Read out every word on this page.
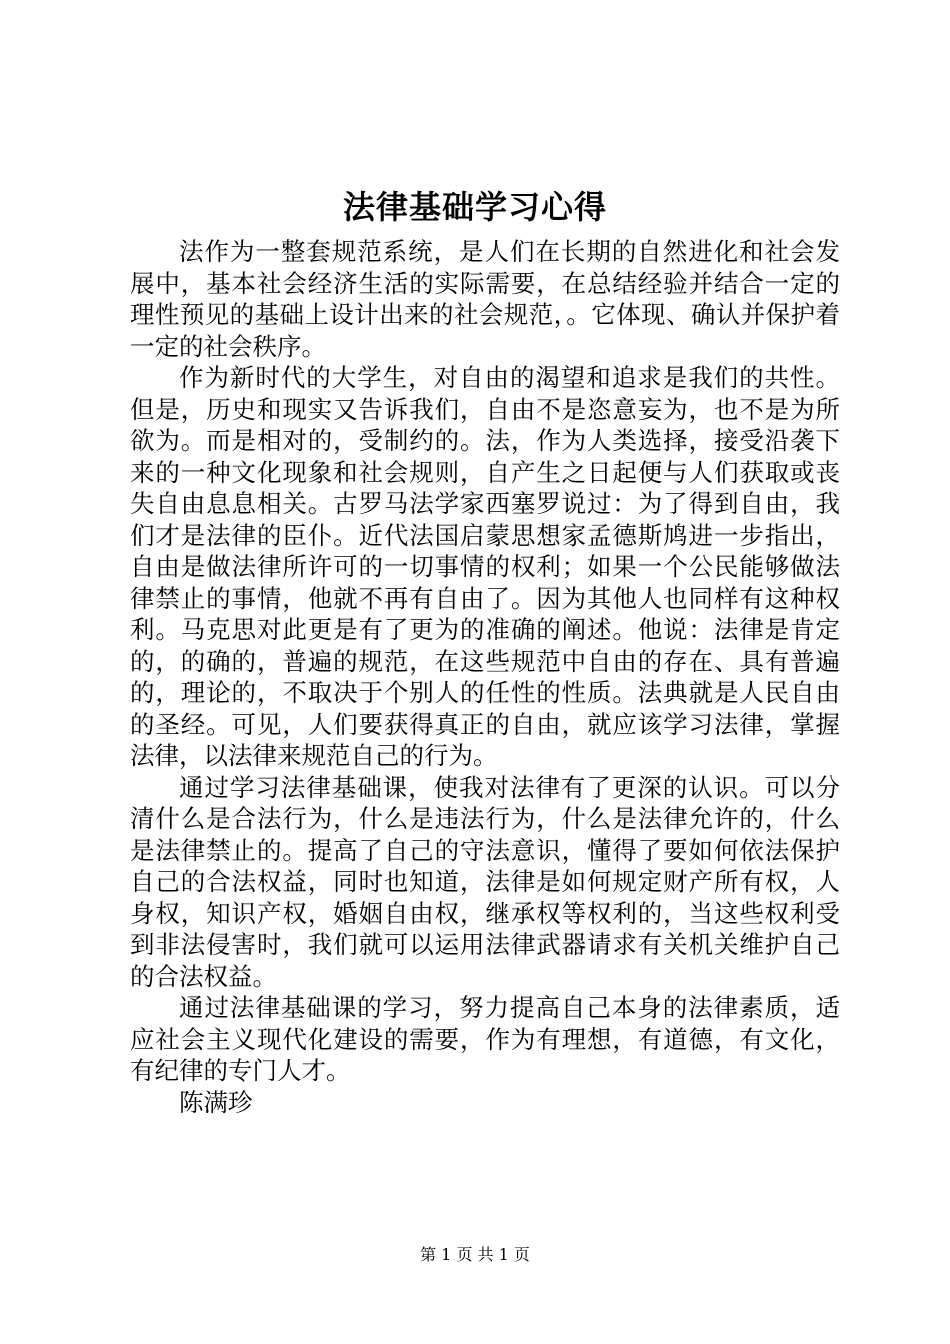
法律基础学习心得

法作为一整套规范系统，是人们在长期的自然进化和社会发展中，基本社会经济生活的实际需要，在总结经验并结合一定的理性预见的基础上设计出来的社会规范，。它体现、确认并保护着一定的社会秩序。

作为新时代的大学生，对自由的渴望和追求是我们的共性。但是，历史和现实又告诉我们，自由不是恣意妄为，也不是为所欲为。而是相对的，受制约的。法，作为人类选择，接受沿袭下来的一种文化现象和社会规则，自产生之日起便与人们获取或丧失自由息息相关。古罗马法学家西塞罗说过：为了得到自由，我们才是法律的臣仆。近代法国启蒙思想家孟德斯鸠进一步指出，自由是做法律所许可的一切事情的权利；如果一个公民能够做法律禁止的事情，他就不再有自由了。因为其他人也同样有这种权利。马克思对此更是有了更为的准确的阐述。他说：法律是肯定的，的确的，普遍的规范，在这些规范中自由的存在、具有普遍的，理论的，不取决于个别人的任性的性质。法典就是人民自由的圣经。可见，人们要获得真正的自由，就应该学习法律，掌握法律，以法律来规范自己的行为。

通过学习法律基础课，使我对法律有了更深的认识。可以分清什么是合法行为，什么是违法行为，什么是法律允许的，什么是法律禁止的。提高了自己的守法意识，懂得了要如何依法保护自己的合法权益，同时也知道，法律是如何规定财产所有权，人身权，知识产权，婚姻自由权，继承权等权利的，当这些权利受到非法侵害时，我们就可以运用法律武器请求有关机关维护自己的合法权益。

通过法律基础课的学习，努力提高自己本身的法律素质，适应社会主义现代化建设的需要，作为有理想，有道德，有文化，有纪律的专门人才。

陈满珍

第 1 页 共 1 页
